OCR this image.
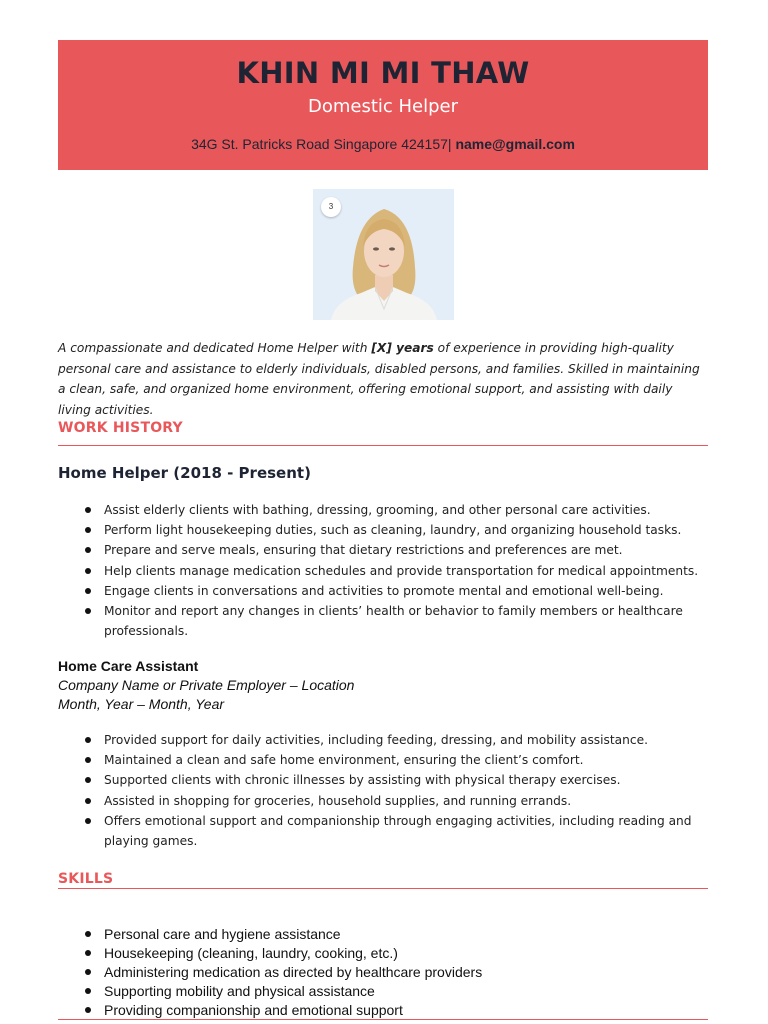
KHIN MI MI THAW
Domestic Helper
34G St. Patricks Road Singapore 424157| name@gmail.com
3

A compassionate and dedicated Home Helper with [X] years of experience in providing high-quality personal care and assistance to elderly individuals, disabled persons, and families. Skilled in maintaining a clean, safe, and organized home environment, offering emotional support, and assisting with daily living activities.

WORK HISTORY
Home Helper (2018 - Present)
Assist elderly clients with bathing, dressing, grooming, and other personal care activities.
Perform light housekeeping duties, such as cleaning, laundry, and organizing household tasks.
Prepare and serve meals, ensuring that dietary restrictions and preferences are met.
Help clients manage medication schedules and provide transportation for medical appointments.
Engage clients in conversations and activities to promote mental and emotional well-being.
Monitor and report any changes in clients’ health or behavior to family members or healthcare professionals.
Home Care Assistant
Company Name or Private Employer – Location
Month, Year – Month, Year
Provided support for daily activities, including feeding, dressing, and mobility assistance.
Maintained a clean and safe home environment, ensuring the client’s comfort.
Supported clients with chronic illnesses by assisting with physical therapy exercises.
Assisted in shopping for groceries, household supplies, and running errands.
Offers emotional support and companionship through engaging activities, including reading and playing games.
SKILLS
Personal care and hygiene assistance
Housekeeping (cleaning, laundry, cooking, etc.)
Administering medication as directed by healthcare providers
Supporting mobility and physical assistance
Providing companionship and emotional support
